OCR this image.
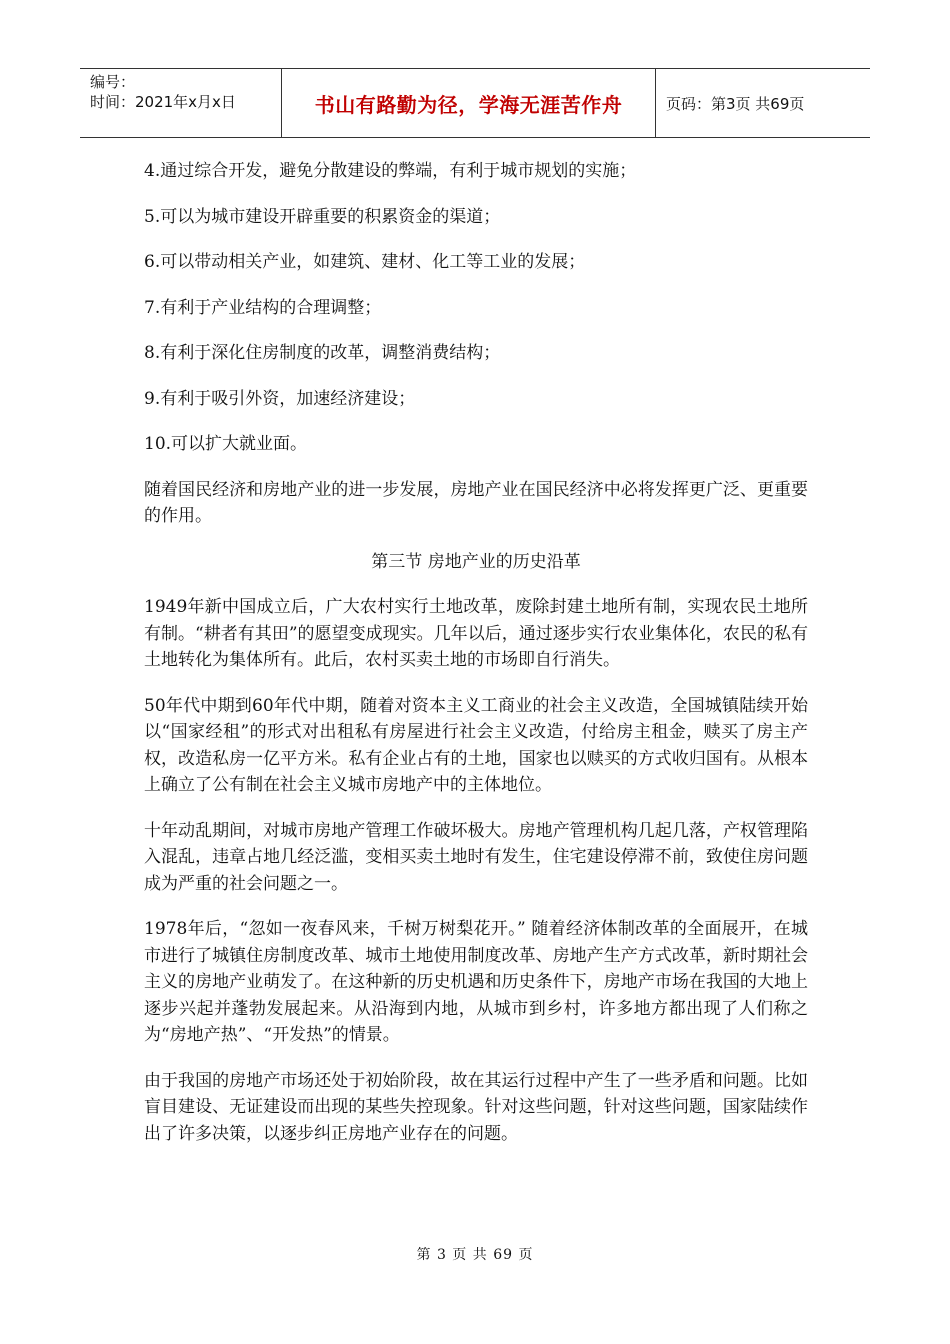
编号：
时间：2021年x月x日	书山有路勤为径，学海无涯苦作舟	页码：第3页 共69页

4.通过综合开发，避免分散建设的弊端，有利于城市规划的实施；

5.可以为城市建设开辟重要的积累资金的渠道；

6.可以带动相关产业，如建筑、建材、化工等工业的发展；

7.有利于产业结构的合理调整；

8.有利于深化住房制度的改革，调整消费结构；

9.有利于吸引外资，加速经济建设；

10.可以扩大就业面。

随着国民经济和房地产业的进一步发展，房地产业在国民经济中必将发挥更广泛、更重要的作用。

第三节 房地产业的历史沿革

1949年新中国成立后，广大农村实行土地改革，废除封建土地所有制，实现农民土地所有制。“耕者有其田”的愿望变成现实。几年以后，通过逐步实行农业集体化，农民的私有土地转化为集体所有。此后，农村买卖土地的市场即自行消失。

50年代中期到60年代中期，随着对资本主义工商业的社会主义改造，全国城镇陆续开始以“国家经租”的形式对出租私有房屋进行社会主义改造，付给房主租金，赎买了房主产权，改造私房一亿平方米。私有企业占有的土地，国家也以赎买的方式收归国有。从根本上确立了公有制在社会主义城市房地产中的主体地位。

十年动乱期间，对城市房地产管理工作破坏极大。房地产管理机构几起几落，产权管理陷入混乱，违章占地几经泛滥，变相买卖土地时有发生，住宅建设停滞不前，致使住房问题成为严重的社会问题之一。

1978年后，“忽如一夜春风来，千树万树梨花开。” 随着经济体制改革的全面展开，在城市进行了城镇住房制度改革、城市土地使用制度改革、房地产生产方式改革，新时期社会主义的房地产业萌发了。在这种新的历史机遇和历史条件下，房地产市场在我国的大地上逐步兴起并蓬勃发展起来。从沿海到内地，从城市到乡村，许多地方都出现了人们称之为“房地产热”、“开发热”的情景。

由于我国的房地产市场还处于初始阶段，故在其运行过程中产生了一些矛盾和问题。比如盲目建设、无证建设而出现的某些失控现象。针对这些问题，针对这些问题，国家陆续作出了许多决策，以逐步纠正房地产业存在的问题。

第 3 页 共 69 页
